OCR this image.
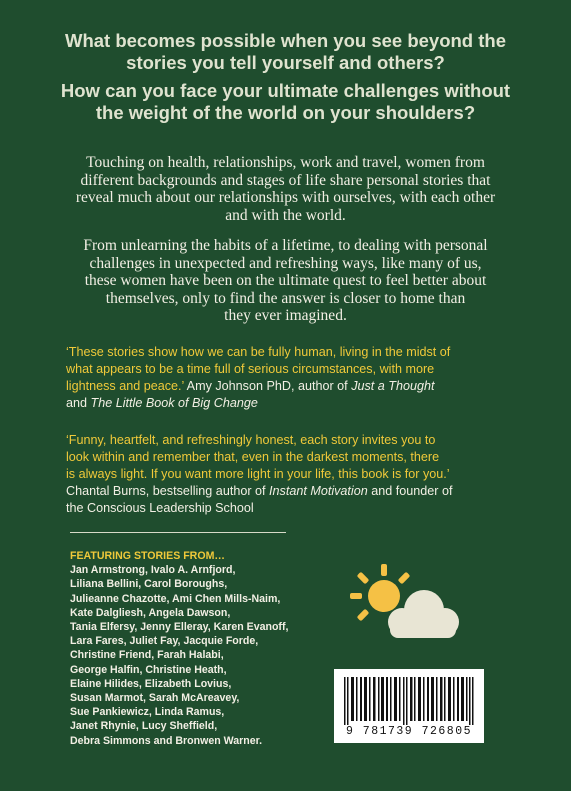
What becomes possible when you see beyond the
stories you tell yourself and others?
How can you face your ultimate challenges without
the weight of the world on your shoulders?
Touching on health, relationships, work and travel, women from
different backgrounds and stages of life share personal stories that
reveal much about our relationships with ourselves, with each other
and with the world.
From unlearning the habits of a lifetime, to dealing with personal
challenges in unexpected and refreshing ways, like many of us,
these women have been on the ultimate quest to feel better about
themselves, only to find the answer is closer to home than
they ever imagined.
‘These stories show how we can be fully human, living in the midst of
what appears to be a time full of serious circumstances, with more
lightness and peace.’ Amy Johnson PhD, author of Just a Thought
and The Little Book of Big Change
‘Funny, heartfelt, and refreshingly honest, each story invites you to
look within and remember that, even in the darkest moments, there
is always light. If you want more light in your life, this book is for you.’
Chantal Burns, bestselling author of Instant Motivation and founder of
the Conscious Leadership School
FEATURING STORIES FROM…
Jan Armstrong, Ivalo A. Arnfjord,
Liliana Bellini, Carol Boroughs,
Julieanne Chazotte, Ami Chen Mills-Naim,
Kate Dalgliesh, Angela Dawson,
Tania Elfersy, Jenny Elleray, Karen Evanoff,
Lara Fares, Juliet Fay, Jacquie Forde,
Christine Friend, Farah Halabi,
George Halfin, Christine Heath,
Elaine Hilides, Elizabeth Lovius,
Susan Marmot, Sarah McAreavey,
Sue Pankiewicz, Linda Ramus,
Janet Rhynie, Lucy Sheffield,
Debra Simmons and Bronwen Warner.
9 781739 726805
